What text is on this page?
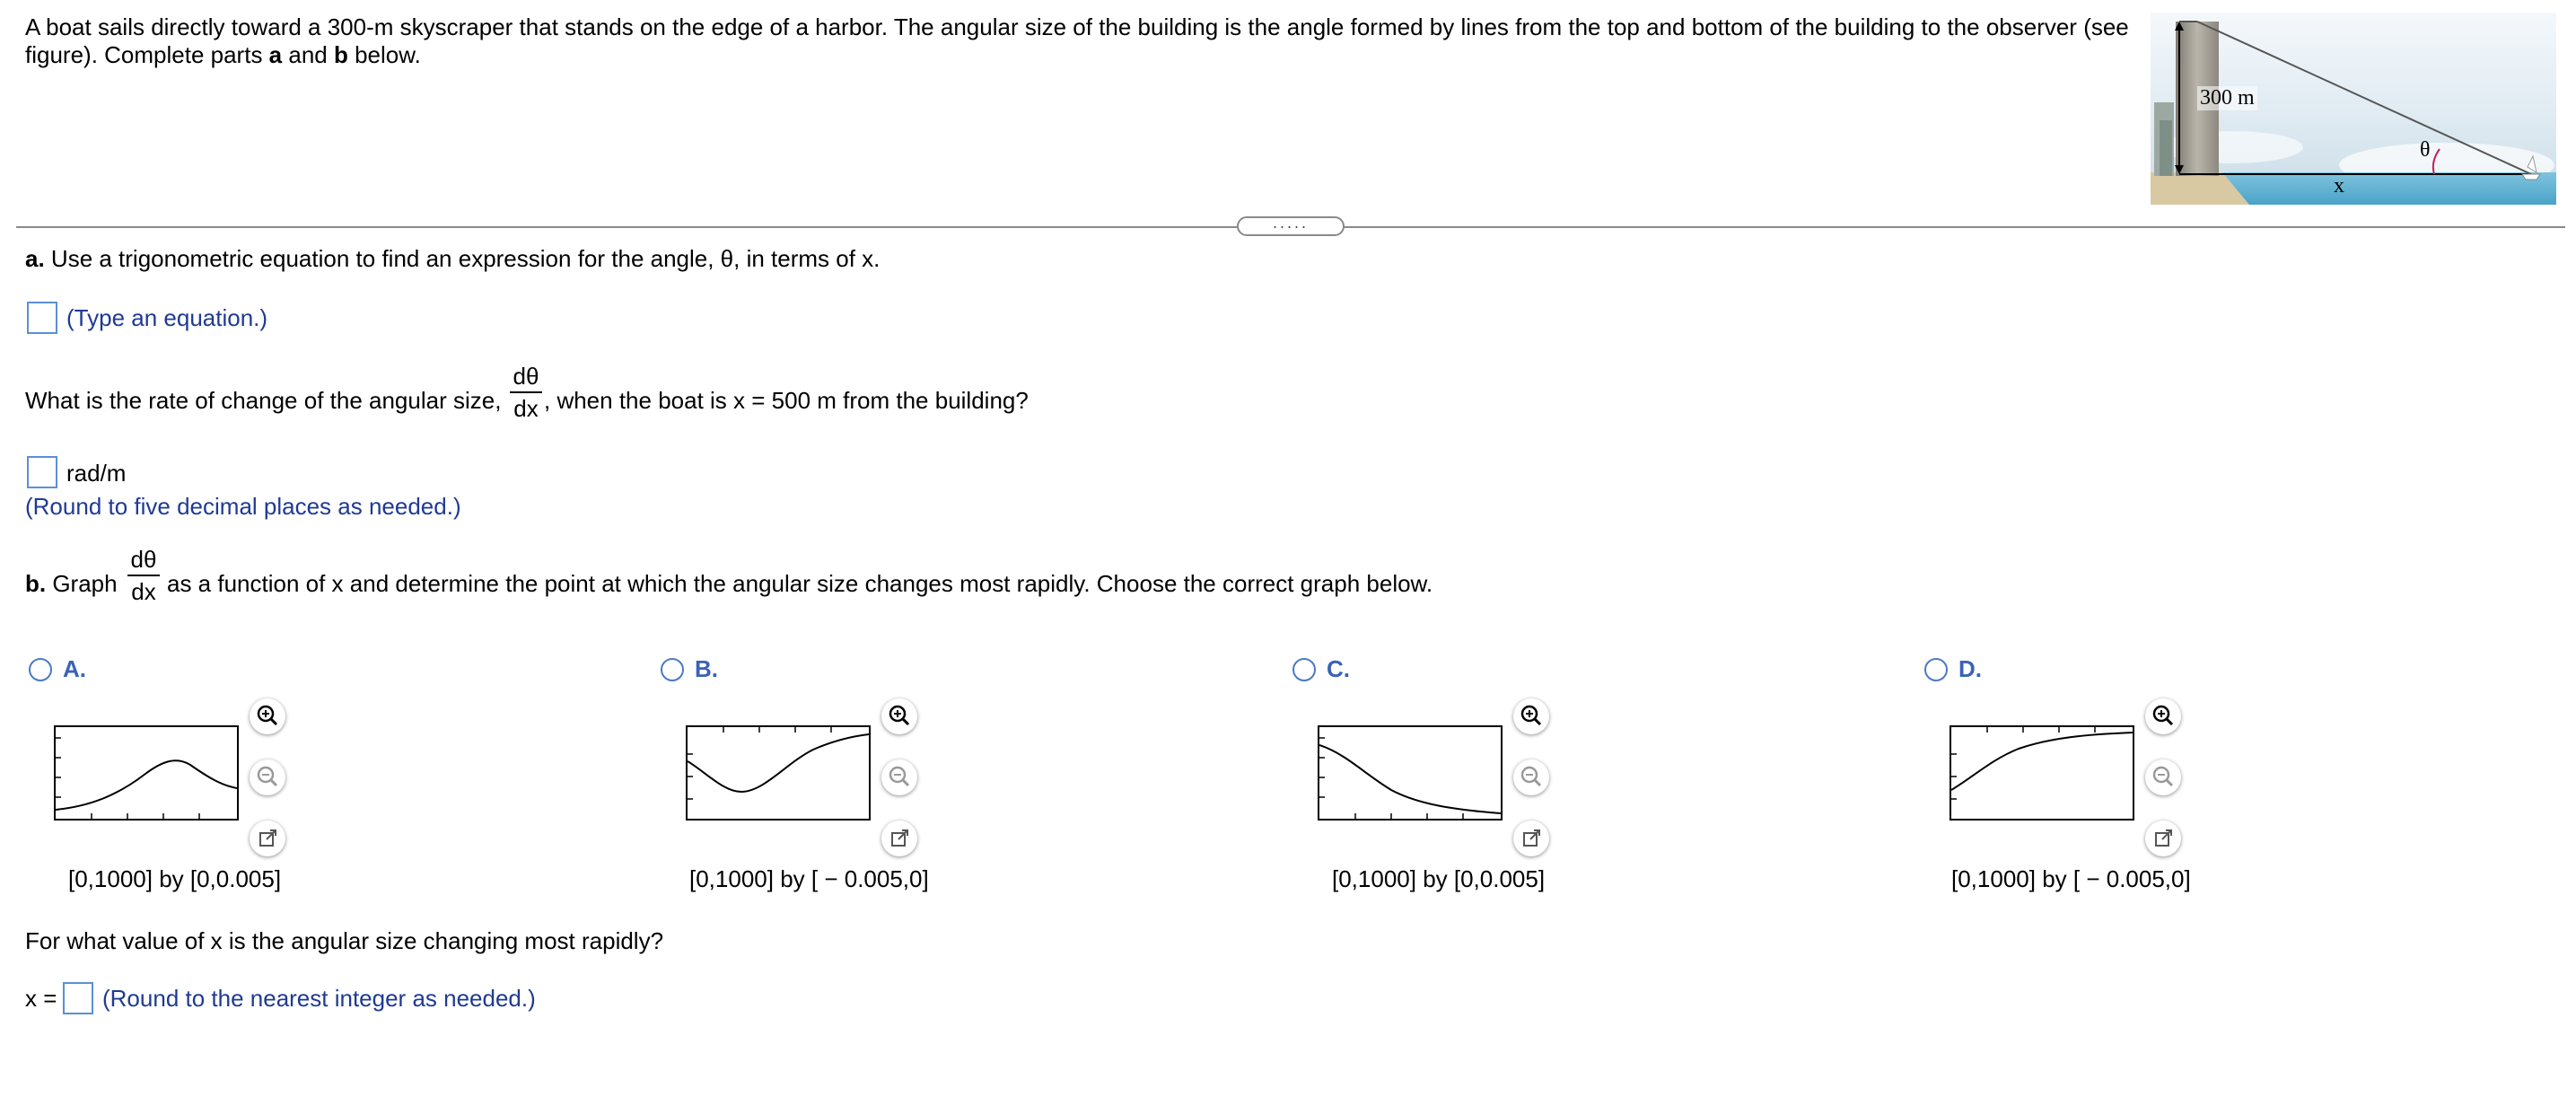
A boat sails directly toward a 300-m skyscraper that stands on the edge of a harbor. The angular size of the building is the angle formed by lines from the top and bottom of the building to the observer (see
figure). Complete parts a and b below.
300 m
θ
x
.....
a. Use a trigonometric equation to find an expression for the angle, θ, in terms of x.
(Type an equation.)
What is the rate of change of the angular size,
dθ
dx , when the boat is x = 500 m from the building?
rad/m
(Round to five decimal places as needed.)
b. Graph
dθ
dx as a function of x and determine the point at which the angular size changes most rapidly. Choose the correct graph below.
A.
[0,1000] by [0,0.005]
B.
[0,1000] by [ − 0.005,0]
C.
[0,1000] by [0,0.005]
D.
[0,1000] by [ − 0.005,0]
For what value of x is the angular size changing most rapidly?
x = (Round to the nearest integer as needed.)
